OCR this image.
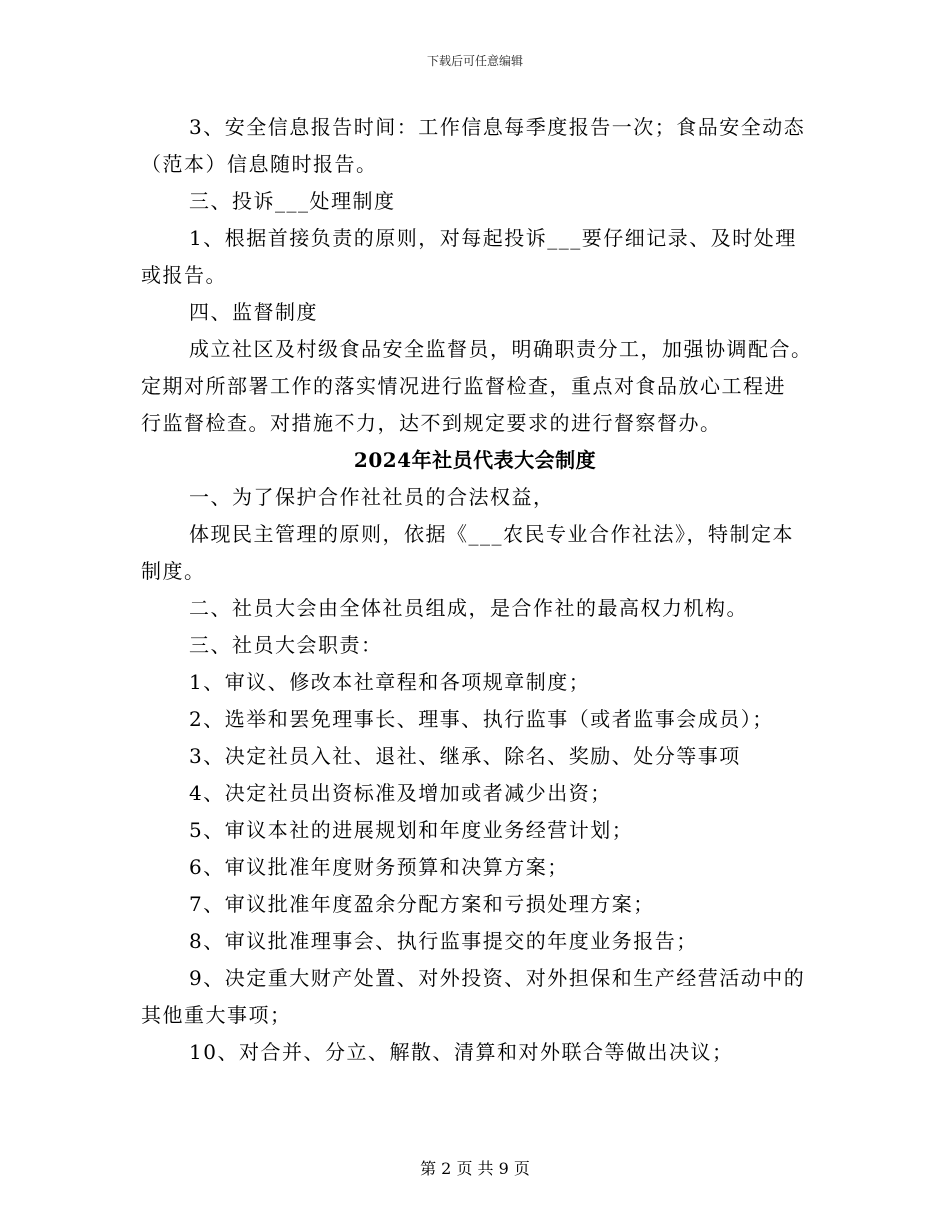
下载后可任意编辑
3、安全信息报告时间：工作信息每季度报告一次；食品安全动态
（范本）信息随时报告。
三、投诉___处理制度
1、根据首接负责的原则，对每起投诉___要仔细记录、及时处理
或报告。
四、监督制度
成立社区及村级食品安全监督员，明确职责分工，加强协调配合。
定期对所部署工作的落实情况进行监督检查，重点对食品放心工程进
行监督检查。对措施不力，达不到规定要求的进行督察督办。
2024年社员代表大会制度
一、为了保护合作社社员的合法权益，
体现民主管理的原则，依据《___农民专业合作社法》，特制定本
制度。
二、社员大会由全体社员组成，是合作社的最高权力机构。
三、社员大会职责：
1、审议、修改本社章程和各项规章制度；
2、选举和罢免理事长、理事、执行监事（或者监事会成员）；
3、决定社员入社、退社、继承、除名、奖励、处分等事项
4、决定社员出资标准及增加或者减少出资；
5、审议本社的进展规划和年度业务经营计划；
6、审议批准年度财务预算和决算方案；
7、审议批准年度盈余分配方案和亏损处理方案；
8、审议批准理事会、执行监事提交的年度业务报告；
9、决定重大财产处置、对外投资、对外担保和生产经营活动中的
其他重大事项；
10、对合并、分立、解散、清算和对外联合等做出决议；
第 2 页 共 9 页
